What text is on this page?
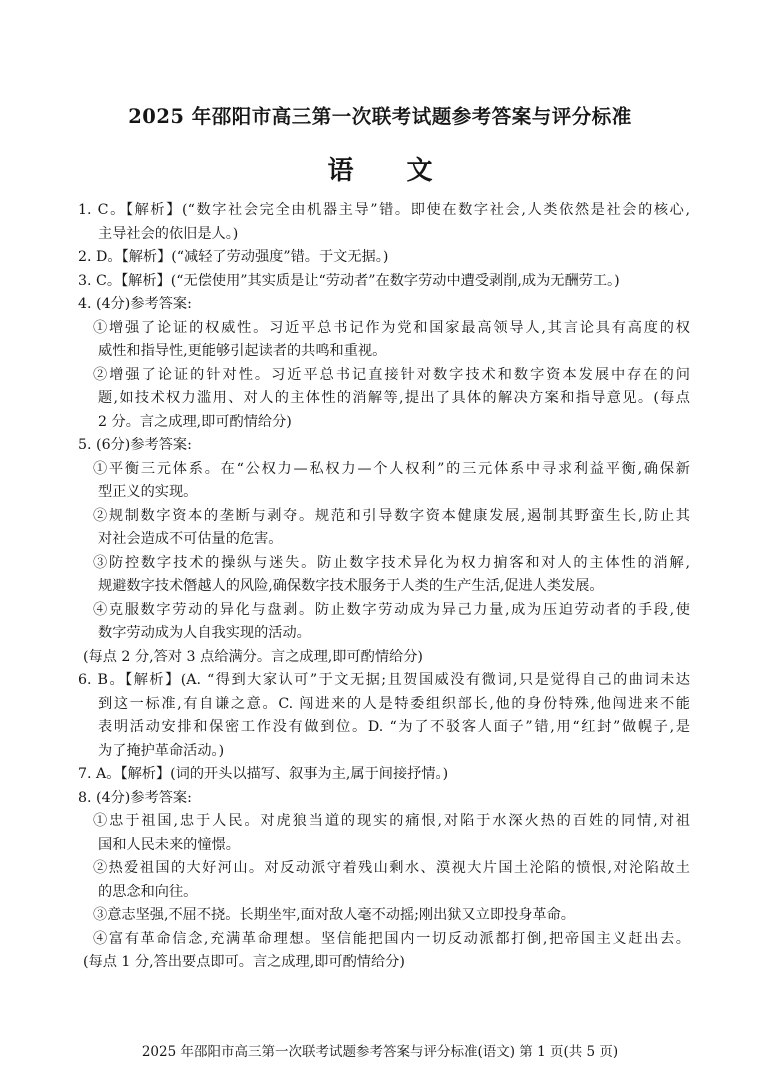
2025 年邵阳市高三第一次联考试题参考答案与评分标准
语 文
1. C。【解析】(“数字社会完全由机器主导”错。即使在数字社会,人类依然是社会的核心,
主导社会的依旧是人。)
2. D。【解析】(“减轻了劳动强度”错。于文无据。)
3. C。【解析】(“无偿使用”其实质是让“劳动者”在数字劳动中遭受剥削,成为无酬劳工。)
4. (4分)参考答案:
①增强了论证的权威性。习近平总书记作为党和国家最高领导人,其言论具有高度的权
威性和指导性,更能够引起读者的共鸣和重视。
②增强了论证的针对性。习近平总书记直接针对数字技术和数字资本发展中存在的问
题,如技术权力滥用、对人的主体性的消解等,提出了具体的解决方案和指导意见。(每点
2 分。言之成理,即可酌情给分)
5. (6分)参考答案:
①平衡三元体系。在“公权力—私权力—个人权利”的三元体系中寻求利益平衡,确保新
型正义的实现。
②规制数字资本的垄断与剥夺。规范和引导数字资本健康发展,遏制其野蛮生长,防止其
对社会造成不可估量的危害。
③防控数字技术的操纵与迷失。防止数字技术异化为权力掮客和对人的主体性的消解,
规避数字技术僭越人的风险,确保数字技术服务于人类的生产生活,促进人类发展。
④克服数字劳动的异化与盘剥。防止数字劳动成为异己力量,成为压迫劳动者的手段,使
数字劳动成为人自我实现的活动。
(每点 2 分,答对 3 点给满分。言之成理,即可酌情给分)
6. B。【解析】(A. “得到大家认可”于文无据;且贺国威没有微词,只是觉得自己的曲词未达
到这一标准,有自谦之意。C. 闯进来的人是特委组织部长,他的身份特殊,他闯进来不能
表明活动安排和保密工作没有做到位。D. “为了不驳客人面子”错,用“红封”做幌子,是
为了掩护革命活动。)
7. A。【解析】(词的开头以描写、叙事为主,属于间接抒情。)
8. (4分)参考答案:
①忠于祖国,忠于人民。对虎狼当道的现实的痛恨,对陷于水深火热的百姓的同情,对祖
国和人民未来的憧憬。
②热爱祖国的大好河山。对反动派守着残山剩水、漠视大片国土沦陷的愤恨,对沦陷故土
的思念和向往。
③意志坚强,不屈不挠。长期坐牢,面对敌人毫不动摇;刚出狱又立即投身革命。
④富有革命信念,充满革命理想。坚信能把国内一切反动派都打倒,把帝国主义赶出去。
(每点 1 分,答出要点即可。言之成理,即可酌情给分)
2025 年邵阳市高三第一次联考试题参考答案与评分标准(语文) 第 1 页(共 5 页)
